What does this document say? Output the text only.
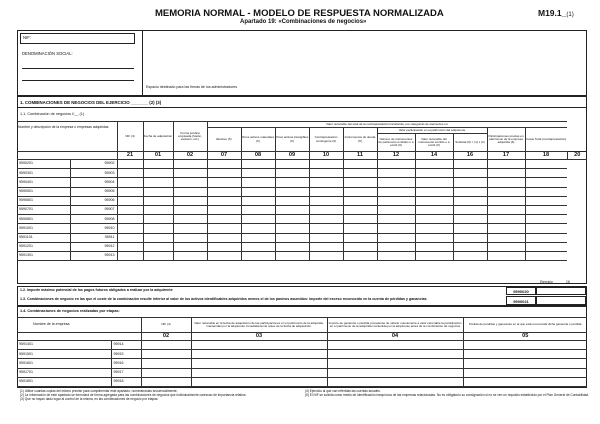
MEMORIA NORMAL - MODELO DE RESPUESTA NORMALIZADA
Apartado 19: «Combinaciones de negocios»
M19.1_(1)
NIF:
DENOMINACIÓN SOCIAL:
Espacio destinado para las firmas de los administradores
1. COMBINACIONES DE NEGOCIOS DEL EJERCICIO _______ (2) (3)
1.1. Combinación de negocios I/__ (1)
Nombre y descripción de la empresa o empresas adquiridas		NIF (4)	Fecha de adquisición	Forma jurídica empleada (fusión, escisión, etc.)	Valor razonable del total de la contraprestación transferida, por categorías de elementos en:										
					Efectivo (5)	Otros activos materiales (6)	Otros activos intangibles (6)	Contraprestación contingente (6)	Instrumentos de deuda (6)	Valor participación en el patrimonio del adquirente			Participaciones previas en patrimonio de la empresa adquirida (6)	Coste Total (contraprestación)	
										Número de instrumentos de patrimonio emitidos o a emitir (6)	Valor razonable del instrumento emitido o a emitir (6)	Subtotal (6) = (1) x (2)			
		21	01	02	07	08	09	10	11	12	14	16	17	18	20
9590201	95902														
9590301	95903														
9590401	95904														
9590501	95905														
9590601	95906														
9590701	95907														
9590801	95908														
9591001	95910														
9591101	95911														
9591201	95912														
9591301	95913														
Ejercicio ______ (3)
1.2. Importe máximo potencial de los pagos futuros obligados a realizar por la adquirente
1.3. Combinaciones de negocio en las que el coste de la combinación resulte inferior al valor de los activos identificables adquiridos menos el de los pasivos asumidos: importe del exceso reconocido en la cuenta de pérdidas y ganancias
9590020
9590021
1.4. Combinaciones de negocios realizadas por etapas:
Nombre de la empresa		NIF (4)	Valor razonable en la fecha de adquisición de las participaciones en el patrimonio de la adquirida, mantenidas por la adquirente inmediatamente antes de la fecha de adquisición.	Importe de ganancia o pérdida procedente de valorar nuevamente a valor razonable la participación en el patrimonio de la adquirida mantenida por la adquirente antes de la combinación de negocios	Partida de pérdidas y ganancias en la que está reconocida dicha ganancia o pérdida
		02	03	04	05
9591401	95914				
9591501	95915				
9591601	95916				
9591701	95917				
9591801	95918				
(1) Utilice cuantas copias del mismo precise para cumplimentar este apartado, numerándolas secuencialmente.
(2) La información de este apartado se formulará de forma agregada para las combinaciones de negocios que individualmente carezcan de importancia relativa.
(3) Que no hayan dado lugar al control de la misma, en las combinaciones de negocio por etapas.
(4) Ejercicio al que van referidas las cuentas anuales.
(5) El NIF se solicita como medio de identificación inequívoca de las empresas relacionadas. No es obligatorio su consignación si no se ven un requisito establecido por el Plan General de Contabilidad.
